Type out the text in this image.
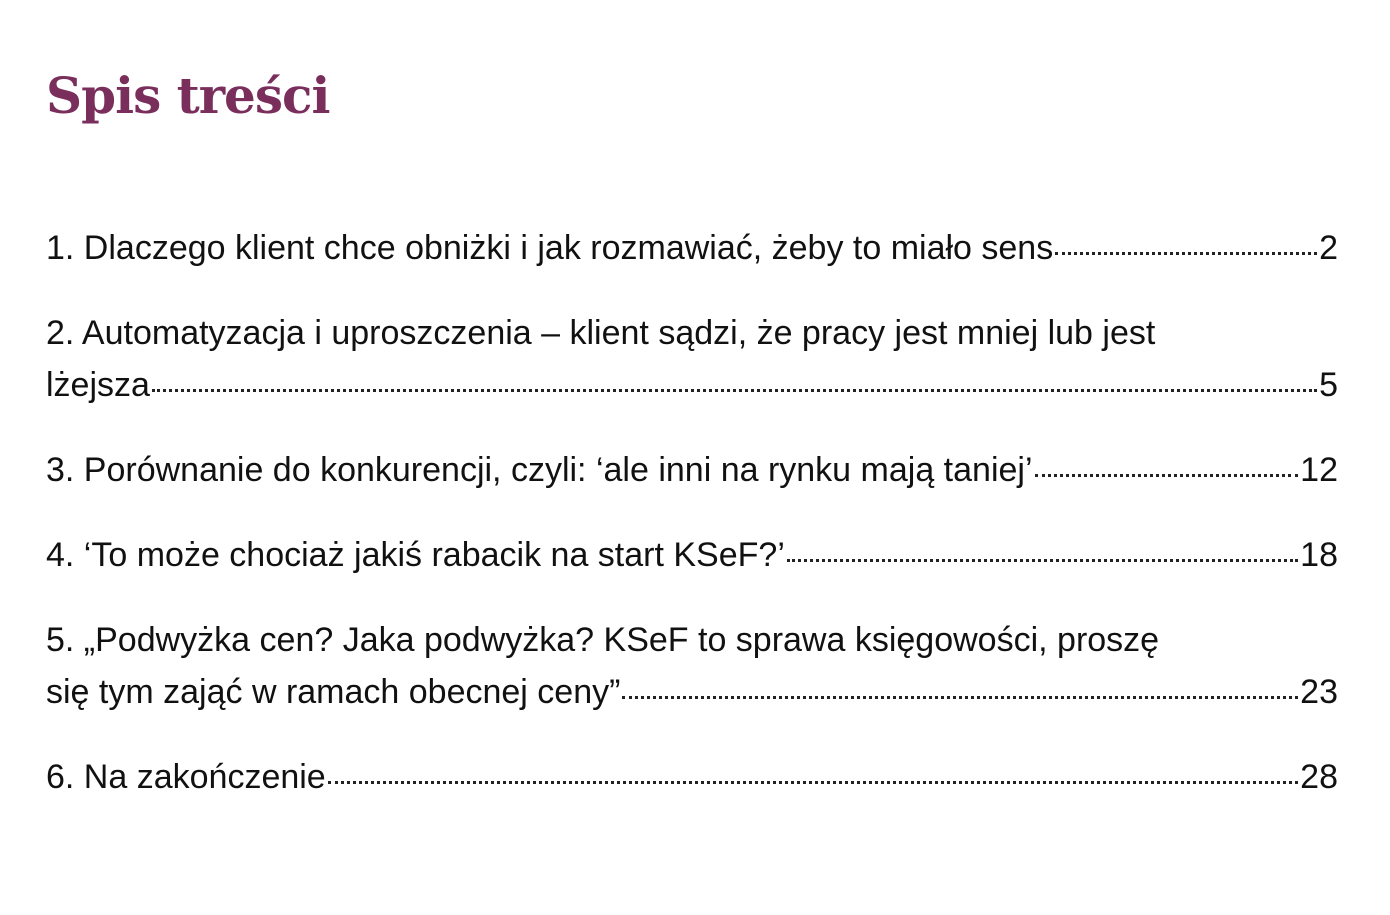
Spis treści
1. Dlaczego klient chce obniżki i jak rozmawiać, żeby to miało sens	2
2. Automatyzacja i uproszczenia – klient sądzi, że pracy jest mniej lub jest
lżejsza	5
3. Porównanie do konkurencji, czyli: ‘ale inni na rynku mają taniej’	12
4. ‘To może chociaż jakiś rabacik na start KSeF?’	18
5. „Podwyżka cen? Jaka podwyżka? KSeF to sprawa księgowości, proszę
się tym zająć w ramach obecnej ceny”	23
6. Na zakończenie	28
